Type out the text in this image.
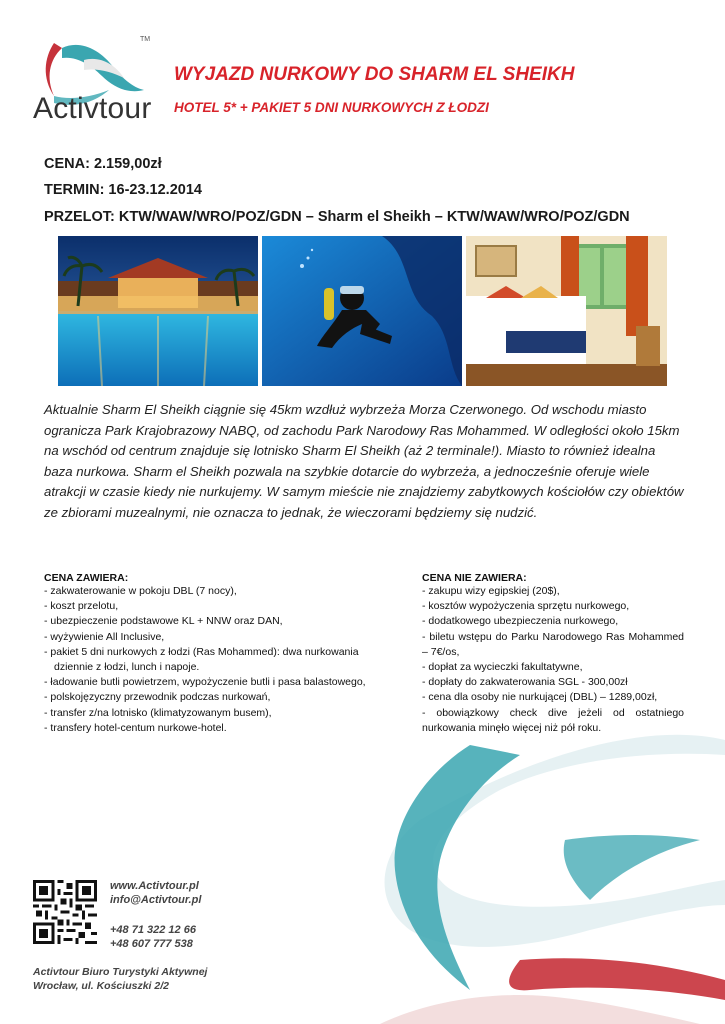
TM
Activtour
WYJAZD NURKOWY DO SHARM EL SHEIKH
HOTEL 5* + PAKIET 5 DNI NURKOWYCH Z ŁODZI
CENA: 2.159,00zł
TERMIN: 16-23.12.2014
PRZELOT: KTW/WAW/WRO/POZ/GDN – Sharm el Sheikh – KTW/WAW/WRO/POZ/GDN
Aktualnie Sharm El Sheikh ciągnie się 45km wzdłuż wybrzeża Morza Czerwonego. Od wschodu miasto ogranicza Park Krajobrazowy NABQ, od zachodu Park Narodowy Ras Mohammed. W odległości około 15km na wschód od centrum znajduje się lotnisko Sharm El Sheikh (aż 2 terminale!). Miasto to również idealna baza nurkowa. Sharm el Sheikh pozwala na szybkie dotarcie do wybrzeża, a jednocześnie oferuje wiele atrakcji w czasie kiedy nie nurkujemy. W samym mieście nie znajdziemy zabytkowych kościołów czy obiektów ze zbiorami muzealnymi, nie oznacza to jednak, że wieczorami będziemy się nudzić.
CENA ZAWIERA:
- zakwaterowanie w pokoju DBL (7 nocy),
- koszt przelotu,
- ubezpieczenie podstawowe KL + NNW oraz DAN,
- wyżywienie All Inclusive,
- pakiet 5 dni nurkowych z łodzi (Ras Mohammed): dwa nurkowania
dziennie z łodzi, lunch i napoje.
- ładowanie butli powietrzem, wypożyczenie butli i pasa balastowego,
- polskojęzyczny przewodnik podczas nurkowań,
- transfer z/na lotnisko (klimatyzowanym busem),
- transfery hotel-centum nurkowe-hotel.
CENA NIE ZAWIERA:
- zakupu wizy egipskiej (20$),
- kosztów wypożyczenia sprzętu nurkowego,
- dodatkowego ubezpieczenia nurkowego,
- biletu wstępu do Parku Narodowego Ras Mohammed – 7€/os,
- dopłat za wycieczki fakultatywne,
- dopłaty do zakwaterowania SGL - 300,00zł
- cena dla osoby nie nurkującej (DBL) – 1289,00zł,
- obowiązkowy check dive jeżeli od ostatniego nurkowania minęło więcej niż pół roku.
www.Activtour.pl
info@Activtour.pl
+48 71 322 12 66
+48 607 777 538
Activtour Biuro Turystyki Aktywnej
Wrocław, ul. Kościuszki 2/2
